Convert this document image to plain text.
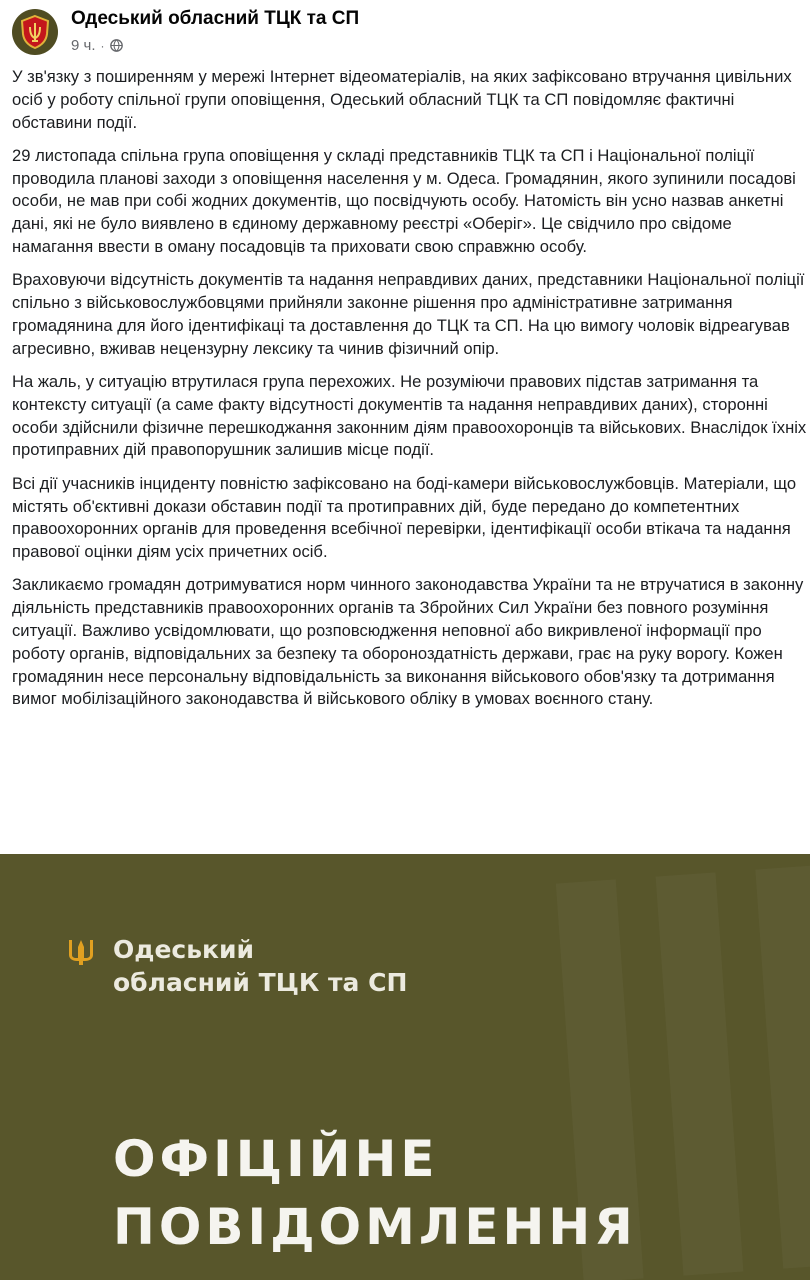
Одеський обласний ТЦК та СП
9 ч. ·

У зв'язку з поширенням у мережі Інтернет відеоматеріалів, на яких зафіксовано втручання цивільних осіб у роботу спільної групи оповіщення, Одеський обласний ТЦК та СП повідомляє фактичні обставини події.

29 листопада спільна група оповіщення у складі представників ТЦК та СП і Національної поліції проводила планові заходи з оповіщення населення у м. Одеса. Громадянин, якого зупинили посадові особи, не мав при собі жодних документів, що посвідчують особу. Натомість він усно назвав анкетні дані, які не було виявлено в єдиному державному реєстрі «Оберіг». Це свідчило про свідоме намагання ввести в оману посадовців та приховати свою справжню особу.

Враховуючи відсутність документів та надання неправдивих даних, представники Національної поліції спільно з військовослужбовцями прийняли законне рішення про адміністративне затримання громадянина для його ідентифікаці та доставлення до ТЦК та СП. На цю вимогу чоловік відреагував агресивно, вживав нецензурну лексику та чинив фізичний опір.

На жаль, у ситуацію втрутилася група перехожих. Не розуміючи правових підстав затримання та контексту ситуації (а саме факту відсутності документів та надання неправдивих даних), сторонні особи здійснили фізичне перешкоджання законним діям правоохоронців та військових. Внаслідок їхніх протиправних дій правопорушник залишив місце події.

Всі дії учасників інциденту повністю зафіксовано на боді-камери військовослужбовців. Матеріали, що містять об'єктивні докази обставин події та протиправних дій, буде передано до компетентних правоохоронних органів для проведення всебічної перевірки, ідентифікації особи втікача та надання правової оцінки діям усіх причетних осіб.

Закликаємо громадян дотримуватися норм чинного законодавства України та не втручатися в законну діяльність представників правоохоронних органів та Збройних Сил України без повного розуміння ситуації. Важливо усвідомлювати, що розповсюдження неповної або викривленої інформації про роботу органів, відповідальних за безпеку та обороноздатність держави, грає на руку ворогу. Кожен громадянин несе персональну відповідальність за виконання військового обов'язку та дотримання вимог мобілізаційного законодавства й військового обліку в умовах воєнного стану.

Одеський
обласний ТЦК та СП
ОФІЦІЙНЕ
ПОВІДОМЛЕННЯ
